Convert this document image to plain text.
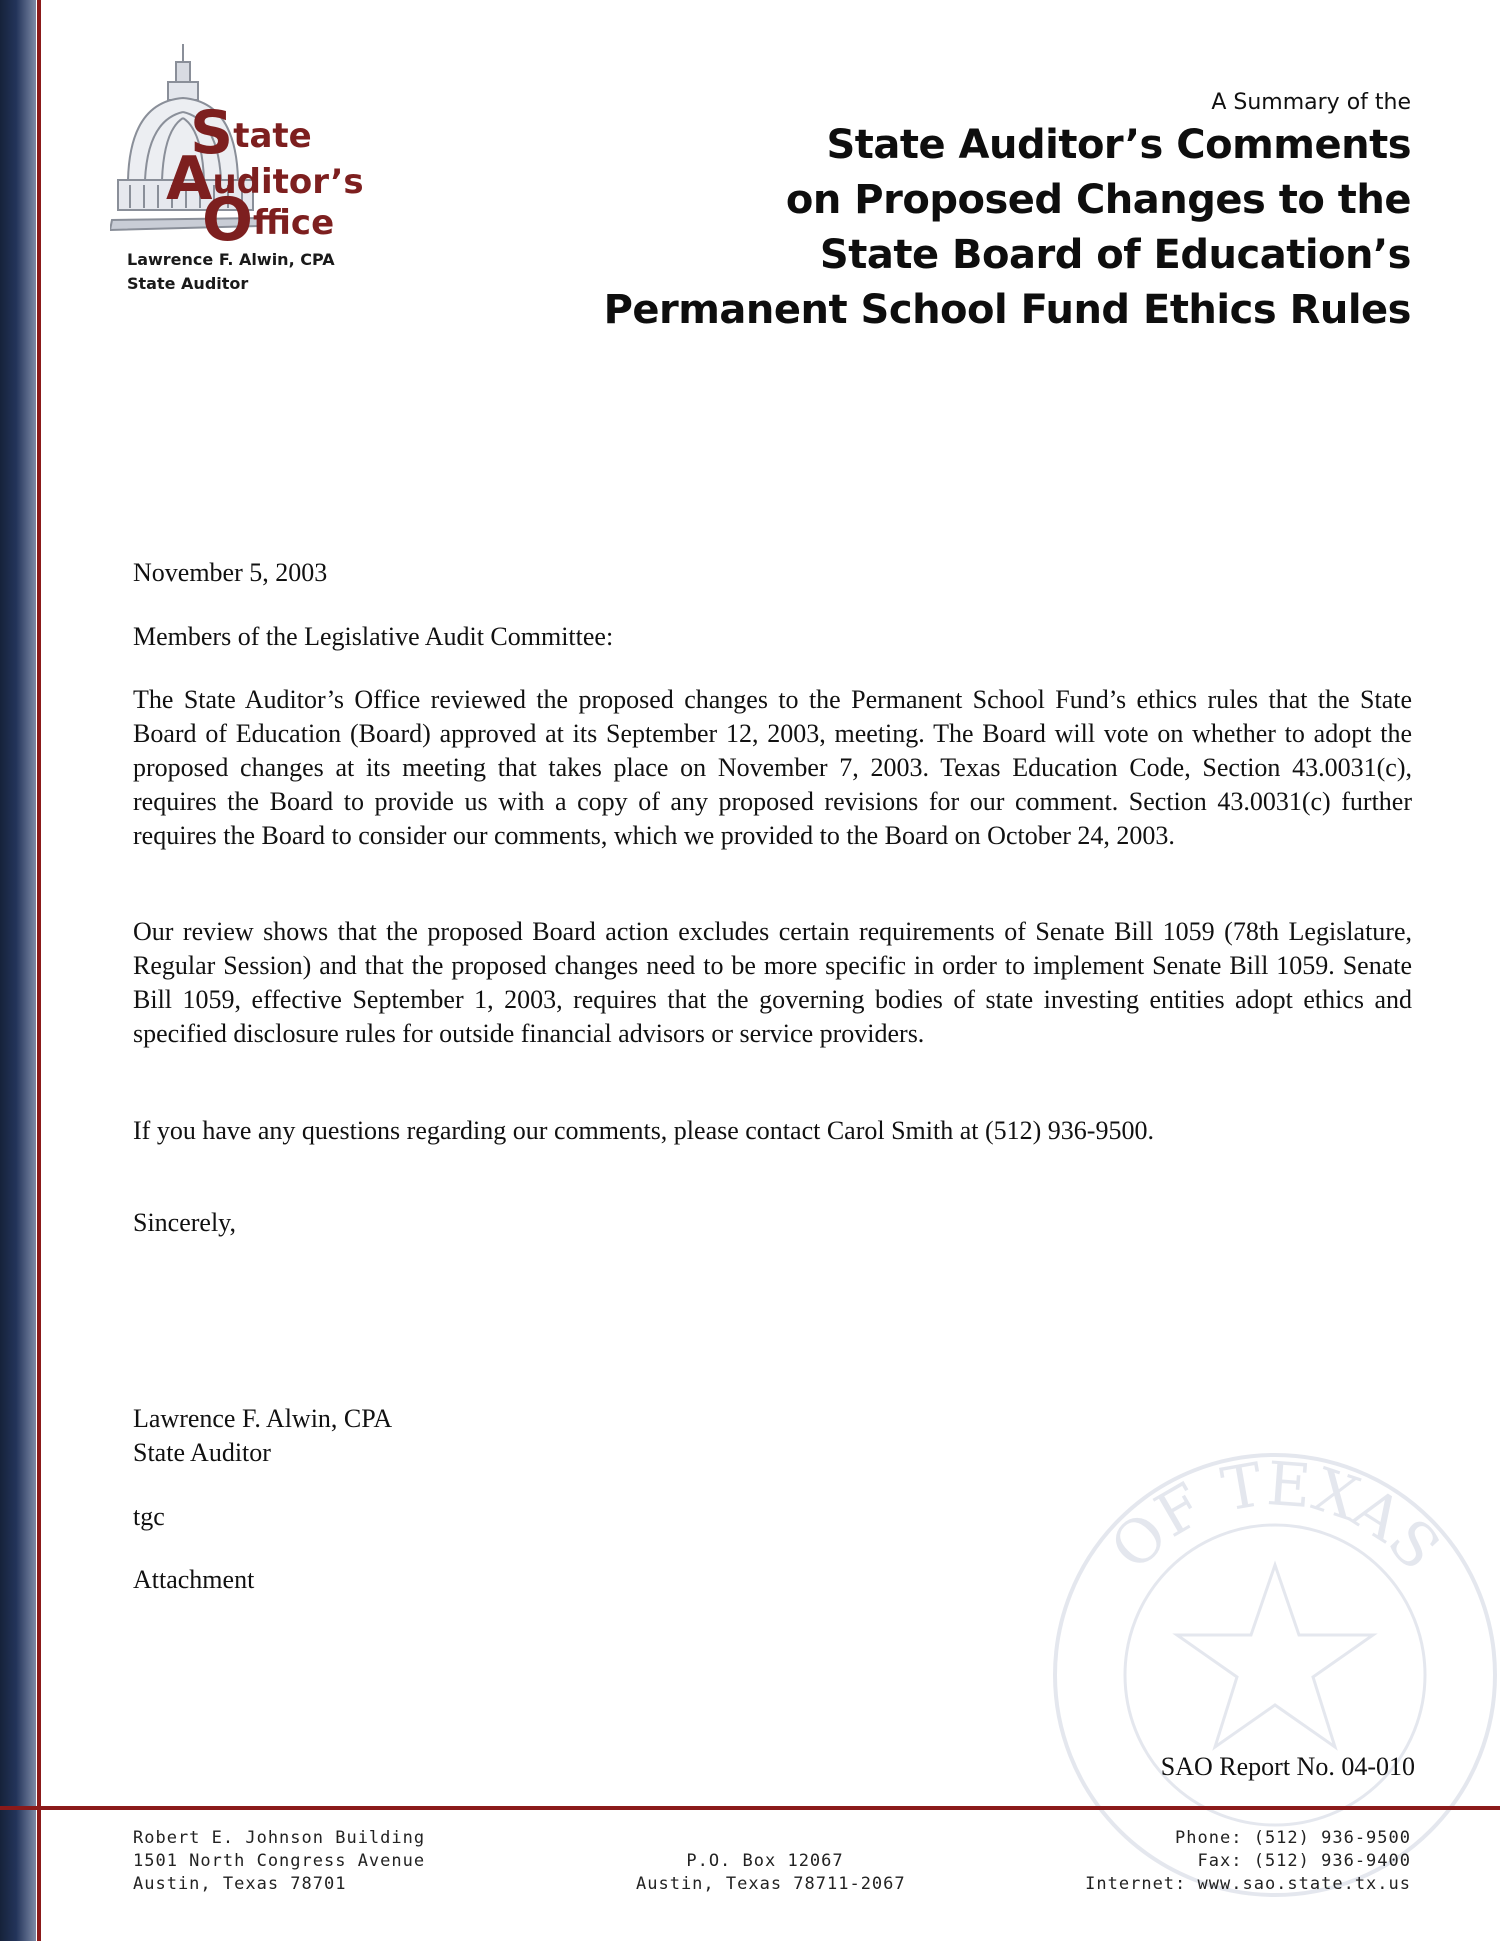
State
Auditor’s
Office
Lawrence F. Alwin, CPA
State Auditor
A Summary of the
State Auditor’s Comments
on Proposed Changes to the
State Board of Education’s
Permanent School Fund Ethics Rules
November 5, 2003
Members of the Legislative Audit Committee:
The State Auditor’s Office reviewed the proposed changes to the Permanent School Fund’s ethics rules that the State Board of Education (Board) approved at its September 12, 2003, meeting. The Board will vote on whether to adopt the proposed changes at its meeting that takes place on November 7, 2003. Texas Education Code, Section 43.0031(c), requires the Board to provide us with a copy of any proposed revisions for our comment. Section 43.0031(c) further requires the Board to consider our comments, which we provided to the Board on October 24, 2003.
Our review shows that the proposed Board action excludes certain requirements of Senate Bill 1059 (78th Legislature, Regular Session) and that the proposed changes need to be more specific in order to implement Senate Bill 1059. Senate Bill 1059, effective September 1, 2003, requires that the governing bodies of state investing entities adopt ethics and specified disclosure rules for outside financial advisors or service providers.
If you have any questions regarding our comments, please contact Carol Smith at (512) 936-9500.
Sincerely,
Lawrence F. Alwin, CPA
State Auditor
tgc
Attachment	OF TEXAS
SAO Report No. 04-010
Robert E. Johnson Building
1501 North Congress Avenue
Austin, Texas 78701
P.O. Box 12067
Austin, Texas 78711-2067
Phone: (512) 936-9500
Fax: (512) 936-9400
Internet: www.sao.state.tx.us
